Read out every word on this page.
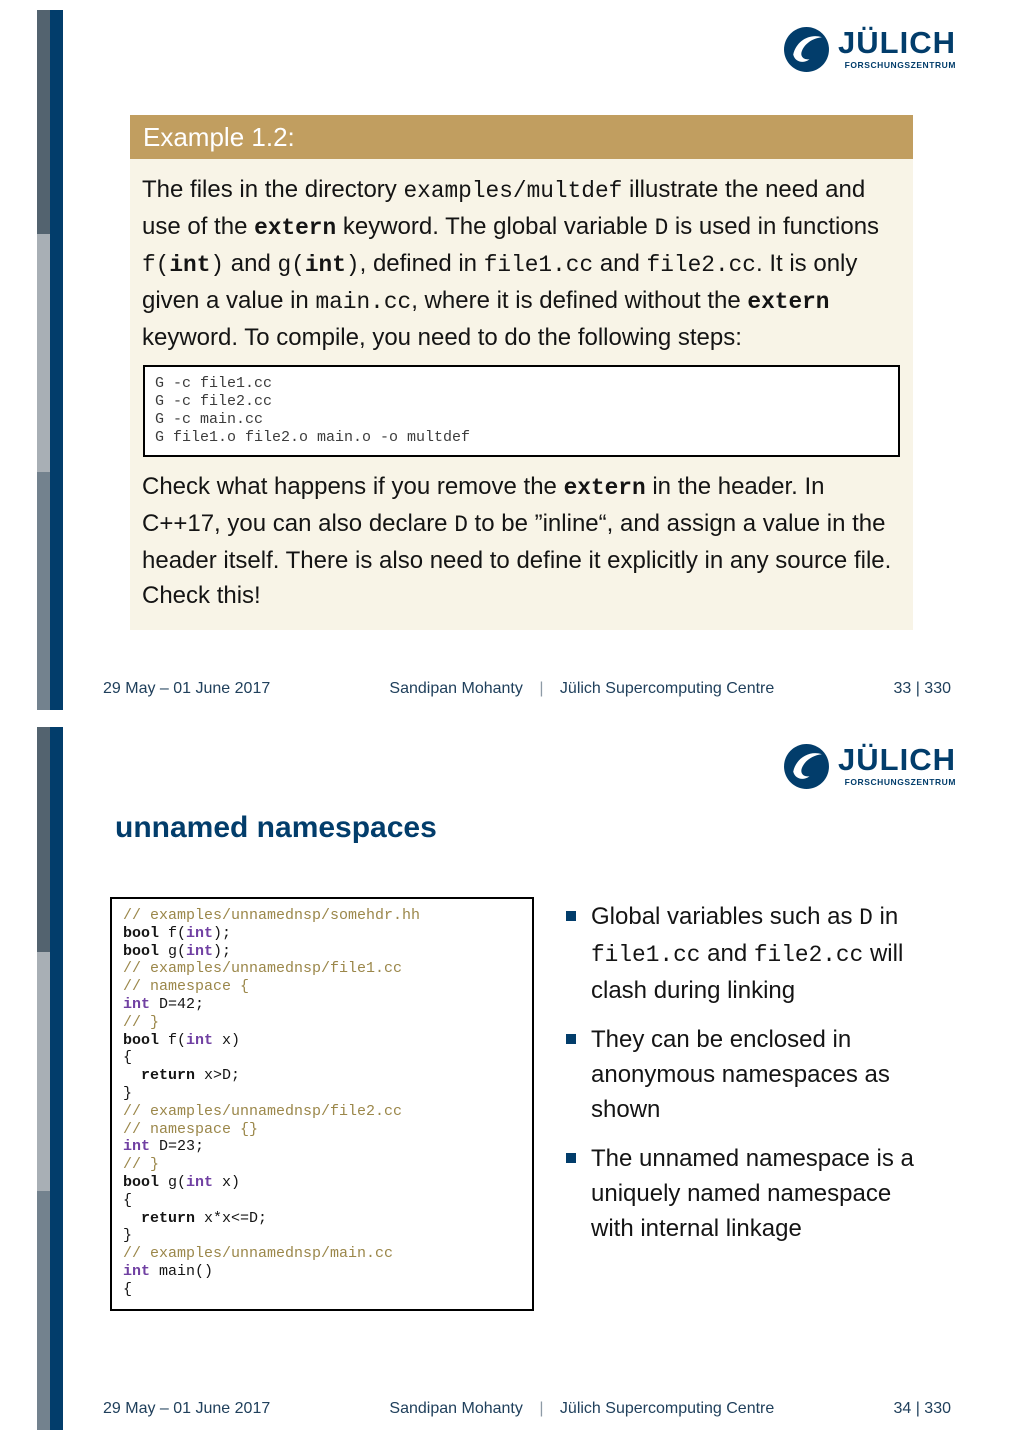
JÜLICH
FORSCHUNGSZENTRUM
Example 1.2:

The files in the directory examples/multdef illustrate the need and use of the extern keyword. The global variable D is used in functions f(int) and g(int), defined in file1.cc and file2.cc. It is only given a value in main.cc, where it is defined without the extern keyword. To compile, you need to do the following steps:

G -c file1.cc
G -c file2.cc
G -c main.cc
G file1.o file2.o main.o -o multdef

Check what happens if you remove the extern in the header. In C++17, you can also declare D to be ”inline“, and assign a value in the header itself. There is also need to define it explicitly in any source file. Check this!

29 May – 01 June 2017	Sandipan Mohanty | Jülich Supercomputing Centre	33 | 330
JÜLICH
FORSCHUNGSZENTRUM
unnamed namespaces
// examples/unnamednsp/somehdr.hh
bool f(int);
bool g(int);
// examples/unnamednsp/file1.cc
// namespace {
int D=42;
// }
bool f(int x)
{
return x>D;
}
// examples/unnamednsp/file2.cc
// namespace {}
int D=23;
// }
bool g(int x)
{
return x*x<=D;
}
// examples/unnamednsp/main.cc
int main()
{
Global variables such as D in file1.cc and file2.cc will clash during linking
They can be enclosed in anonymous namespaces as shown
The unnamed namespace is a uniquely named namespace with internal linkage
29 May – 01 June 2017	Sandipan Mohanty | Jülich Supercomputing Centre	34 | 330
